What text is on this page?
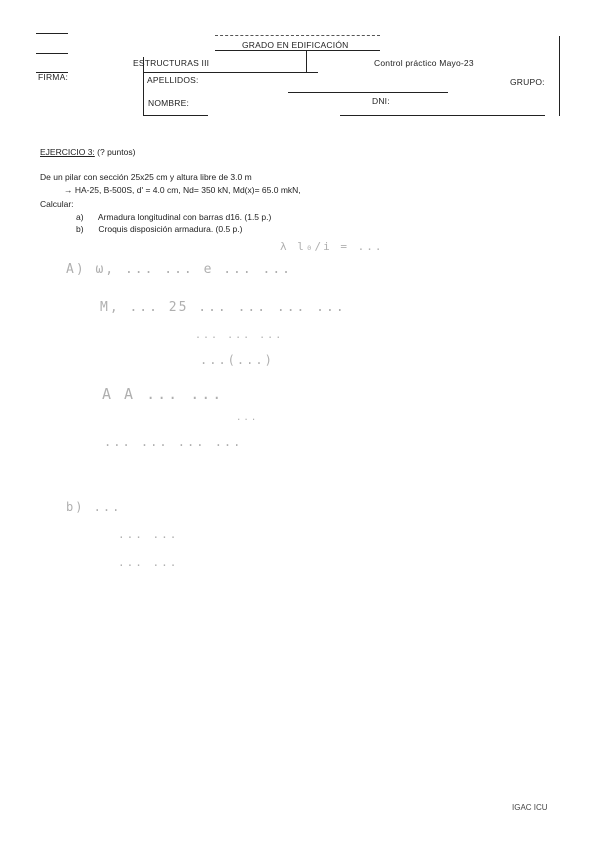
GRADO EN EDIFICACIÓN
ESTRUCTURAS III	Control práctico Mayo-23
FIRMA:	APELLIDOS:	GRUPO:
NOMBRE:	DNI:
EJERCICIO 3: (? puntos)
De un pilar con sección 25x25 cm y altura libre de 3.0 m
→ HA-25, B-500S, d' = 4.0 cm, Nd= 350 kN, Md(x)= 65.0 mkN,
Calcular:
a) Armadura longitudinal con barras d16. (1.5 p.)
b) Croquis disposición armadura. (0.5 p.)
λ l₀/i = ...
A) ω, ... ... e ... ...
M, ... 25 ... ... ... ...
... ... ...
...(...)
A A ... ...
...
... ... ... ...
b) ...
... ...
... ...
IGAC ICU
